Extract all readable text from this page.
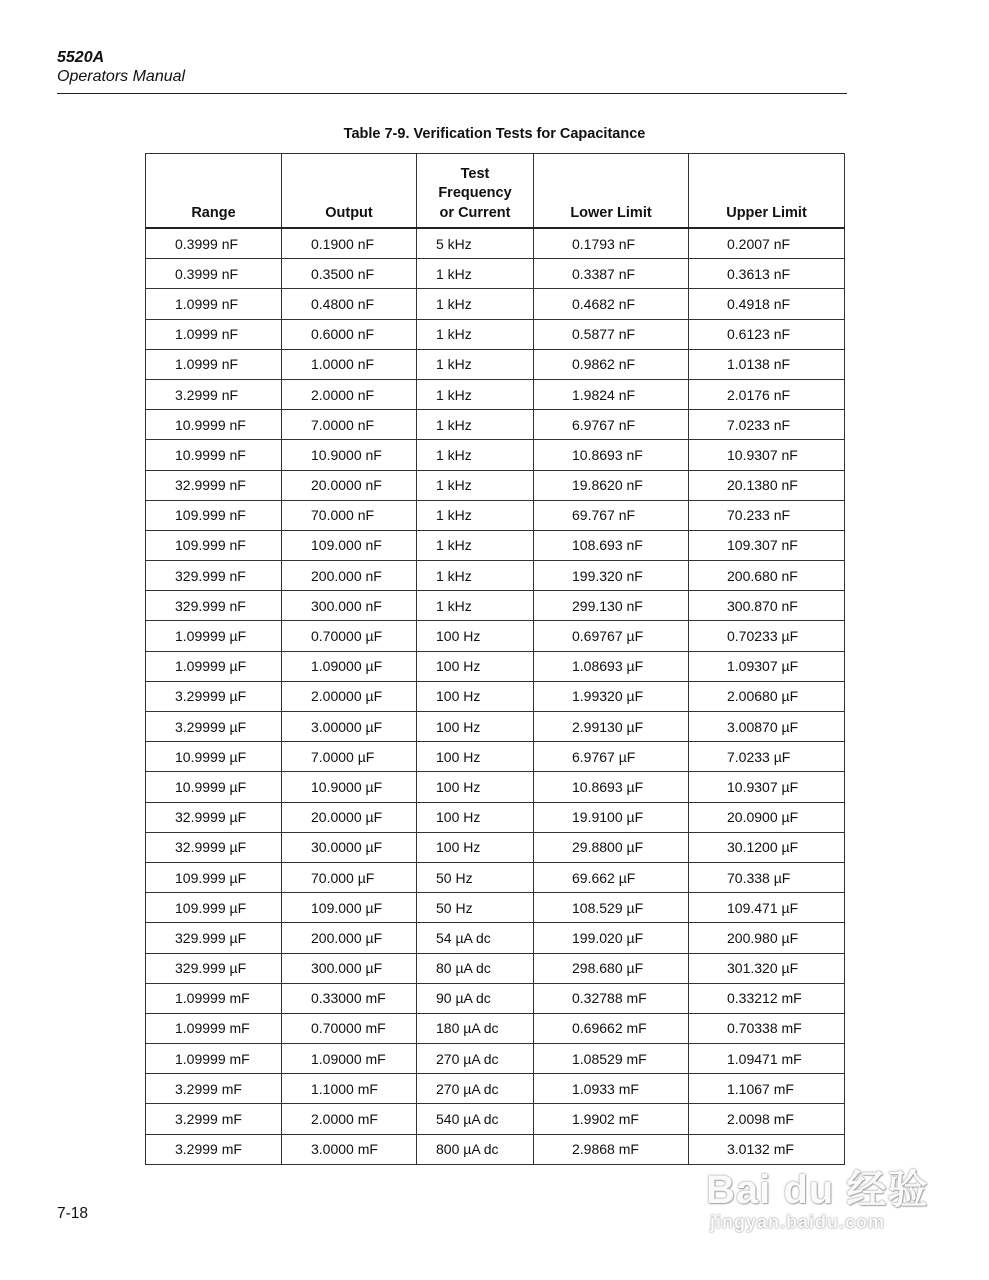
5520A
Operators Manual
Table 7-9. Verification Tests for Capacitance
Range	Output	Test
Frequency
or Current	Lower Limit	Upper Limit
0.3999 nF	0.1900 nF	5 kHz	0.1793 nF	0.2007 nF
0.3999 nF	0.3500 nF	1 kHz	0.3387 nF	0.3613 nF
1.0999 nF	0.4800 nF	1 kHz	0.4682 nF	0.4918 nF
1.0999 nF	0.6000 nF	1 kHz	0.5877 nF	0.6123 nF
1.0999 nF	1.0000 nF	1 kHz	0.9862 nF	1.0138 nF
3.2999 nF	2.0000 nF	1 kHz	1.9824 nF	2.0176 nF
10.9999 nF	7.0000 nF	1 kHz	6.9767 nF	7.0233 nF
10.9999 nF	10.9000 nF	1 kHz	10.8693 nF	10.9307 nF
32.9999 nF	20.0000 nF	1 kHz	19.8620 nF	20.1380 nF
109.999 nF	70.000 nF	1 kHz	69.767 nF	70.233 nF
109.999 nF	109.000 nF	1 kHz	108.693 nF	109.307 nF
329.999 nF	200.000 nF	1 kHz	199.320 nF	200.680 nF
329.999 nF	300.000 nF	1 kHz	299.130 nF	300.870 nF
1.09999 µF	0.70000 µF	100 Hz	0.69767 µF	0.70233 µF
1.09999 µF	1.09000 µF	100 Hz	1.08693 µF	1.09307 µF
3.29999 µF	2.00000 µF	100 Hz	1.99320 µF	2.00680 µF
3.29999 µF	3.00000 µF	100 Hz	2.99130 µF	3.00870 µF
10.9999 µF	7.0000 µF	100 Hz	6.9767 µF	7.0233 µF
10.9999 µF	10.9000 µF	100 Hz	10.8693 µF	10.9307 µF
32.9999 µF	20.0000 µF	100 Hz	19.9100 µF	20.0900 µF
32.9999 µF	30.0000 µF	100 Hz	29.8800 µF	30.1200 µF
109.999 µF	70.000 µF	50 Hz	69.662 µF	70.338 µF
109.999 µF	109.000 µF	50 Hz	108.529 µF	109.471 µF
329.999 µF	200.000 µF	54 µA dc	199.020 µF	200.980 µF
329.999 µF	300.000 µF	80 µA dc	298.680 µF	301.320 µF
1.09999 mF	0.33000 mF	90 µA dc	0.32788 mF	0.33212 mF
1.09999 mF	0.70000 mF	180 µA dc	0.69662 mF	0.70338 mF
1.09999 mF	1.09000 mF	270 µA dc	1.08529 mF	1.09471 mF
3.2999 mF	1.1000 mF	270 µA dc	1.0933 mF	1.1067 mF
3.2999 mF	2.0000 mF	540 µA dc	1.9902 mF	2.0098 mF
3.2999 mF	3.0000 mF	800 µA dc	2.9868 mF	3.0132 mF
7-18
Bai du 经验
jingyan.baidu.com
